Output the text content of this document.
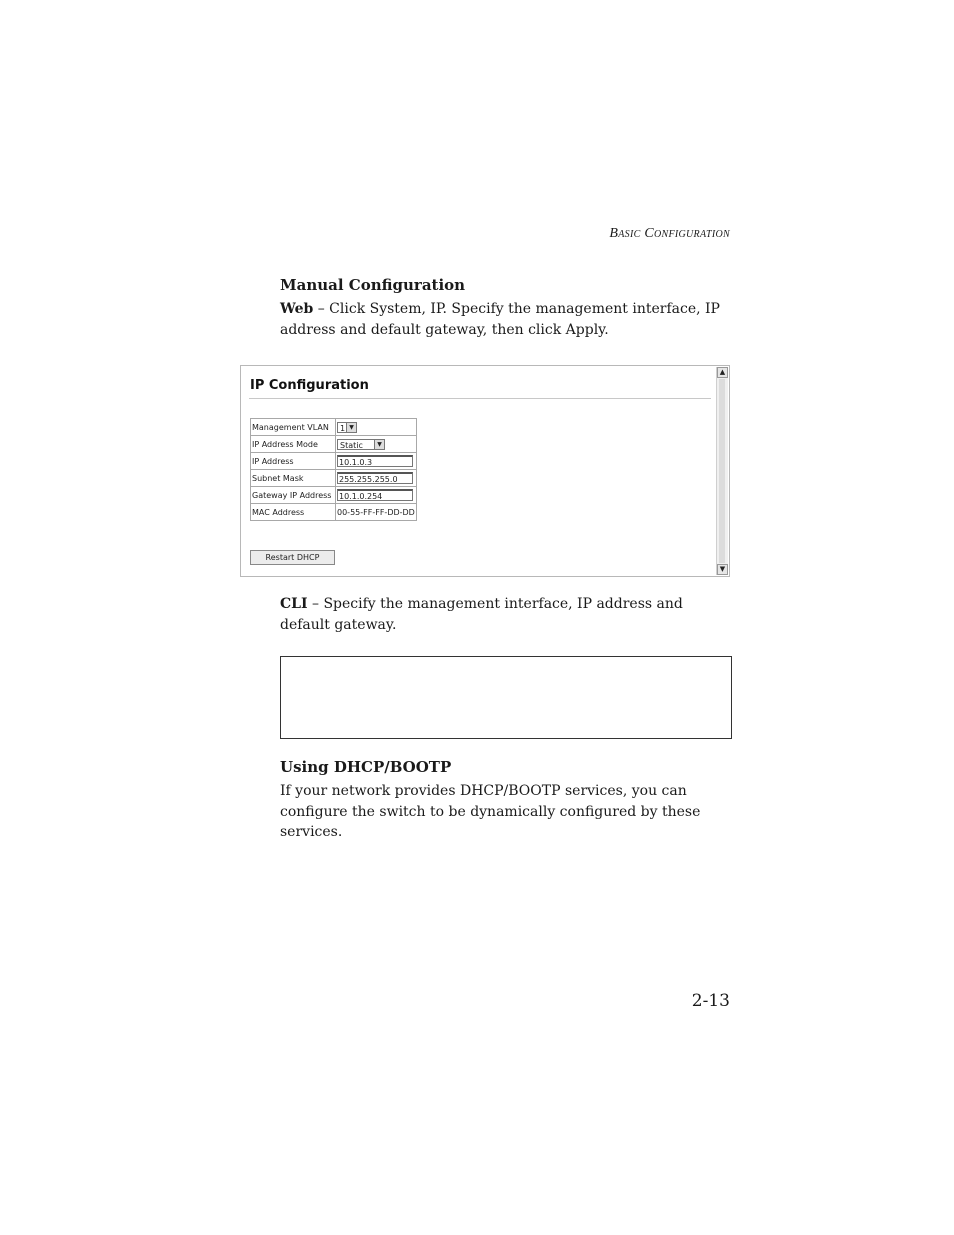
Basic Configuration
Manual Configuration

Web – Click System, IP. Specify the management interface, IP address and default gateway, then click Apply.

IP Configuration
Management VLAN	1 ▼

IP Address Mode	Static ▼

IP Address	10.1.0.3
Subnet Mask	255.255.255.0
Gateway IP Address	10.1.0.254
MAC Address	00-55-FF-FF-DD-DD
Restart DHCP
▲
▼

CLI – Specify the management interface, IP address and default gateway.

Using DHCP/BOOTP

If your network provides DHCP/BOOTP services, you can configure the switch to be dynamically configured by these services.

2-13
